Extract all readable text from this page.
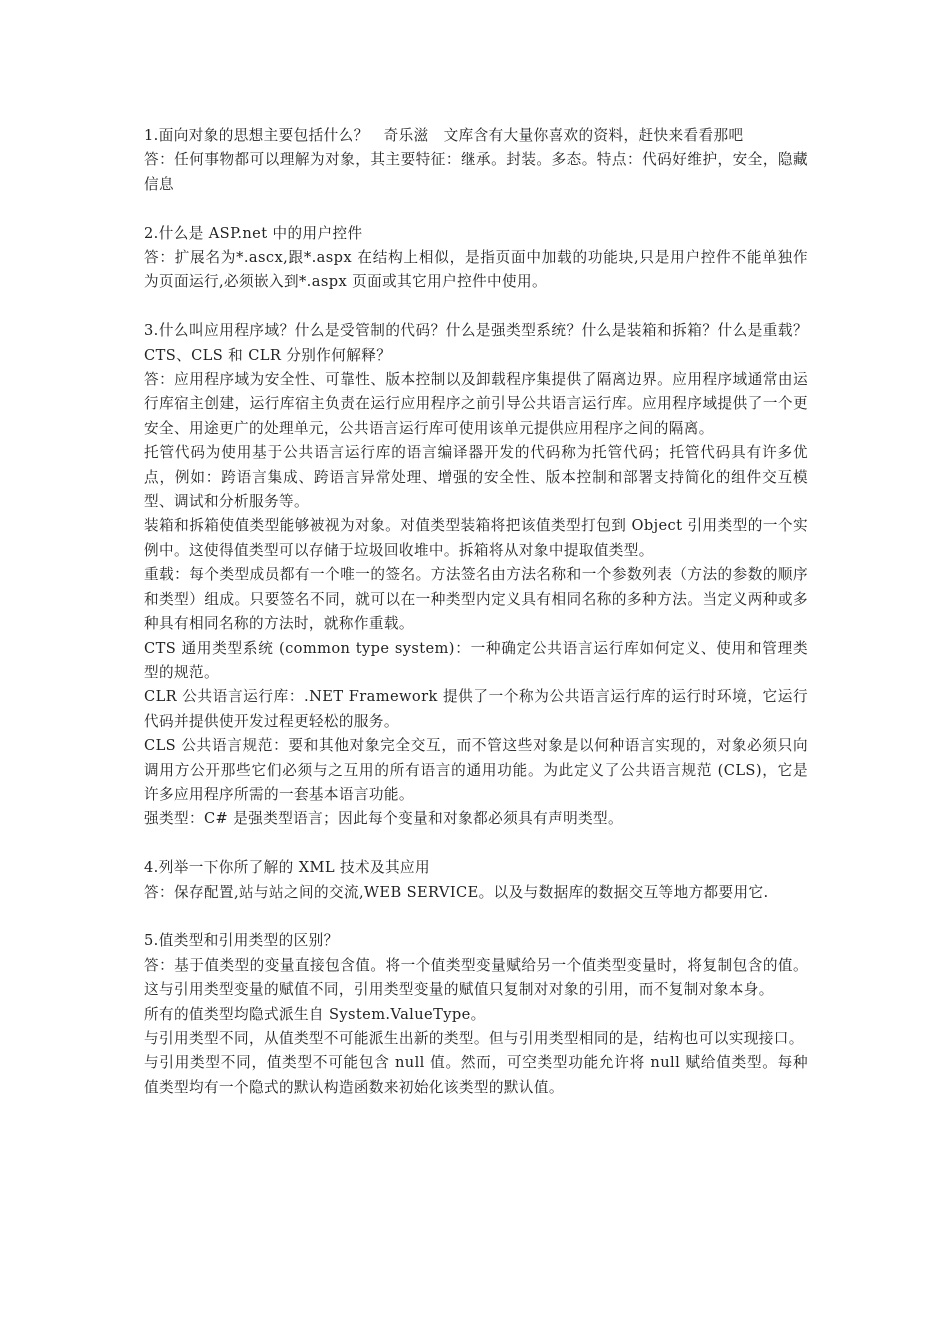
1.面向对象的思想主要包括什么？　奇乐滋　文库含有大量你喜欢的资料，赶快来看看那吧

答：任何事物都可以理解为对象，其主要特征：继承。封装。多态。特点：代码好维护，安全，隐藏信息

2.什么是 ASP.net 中的用户控件

答：扩展名为*.ascx,跟*.aspx 在结构上相似，是指页面中加载的功能块,只是用户控件不能单独作为页面运行,必须嵌入到*.aspx 页面或其它用户控件中使用。

3.什么叫应用程序域？什么是受管制的代码？什么是强类型系统？什么是装箱和拆箱？什么是重载？CTS、CLS 和 CLR 分别作何解释？

答：应用程序域为安全性、可靠性、版本控制以及卸载程序集提供了隔离边界。应用程序域通常由运行库宿主创建，运行库宿主负责在运行应用程序之前引导公共语言运行库。应用程序域提供了一个更安全、用途更广的处理单元，公共语言运行库可使用该单元提供应用程序之间的隔离。

托管代码为使用基于公共语言运行库的语言编译器开发的代码称为托管代码；托管代码具有许多优点，例如：跨语言集成、跨语言异常处理、增强的安全性、版本控制和部署支持简化的组件交互模型、调试和分析服务等。

装箱和拆箱使值类型能够被视为对象。对值类型装箱将把该值类型打包到 Object 引用类型的一个实例中。这使得值类型可以存储于垃圾回收堆中。拆箱将从对象中提取值类型。

重载：每个类型成员都有一个唯一的签名。方法签名由方法名称和一个参数列表（方法的参数的顺序和类型）组成。只要签名不同，就可以在一种类型内定义具有相同名称的多种方法。当定义两种或多种具有相同名称的方法时，就称作重载。

CTS 通用类型系统 (common type system)：一种确定公共语言运行库如何定义、使用和管理类型的规范。

CLR 公共语言运行库：.NET Framework 提供了一个称为公共语言运行库的运行时环境，它运行代码并提供使开发过程更轻松的服务。

CLS 公共语言规范：要和其他对象完全交互，而不管这些对象是以何种语言实现的，对象必须只向调用方公开那些它们必须与之互用的所有语言的通用功能。为此定义了公共语言规范 (CLS)，它是许多应用程序所需的一套基本语言功能。

强类型：C# 是强类型语言；因此每个变量和对象都必须具有声明类型。

4.列举一下你所了解的 XML 技术及其应用

答：保存配置,站与站之间的交流,WEB SERVICE。以及与数据库的数据交互等地方都要用它.

5.值类型和引用类型的区别？

答：基于值类型的变量直接包含值。将一个值类型变量赋给另一个值类型变量时，将复制包含的值。这与引用类型变量的赋值不同，引用类型变量的赋值只复制对对象的引用，而不复制对象本身。

所有的值类型均隐式派生自 System.ValueType。

与引用类型不同，从值类型不可能派生出新的类型。但与引用类型相同的是，结构也可以实现接口。

与引用类型不同，值类型不可能包含 null 值。然而，可空类型功能允许将 null 赋给值类型。每种值类型均有一个隐式的默认构造函数来初始化该类型的默认值。
